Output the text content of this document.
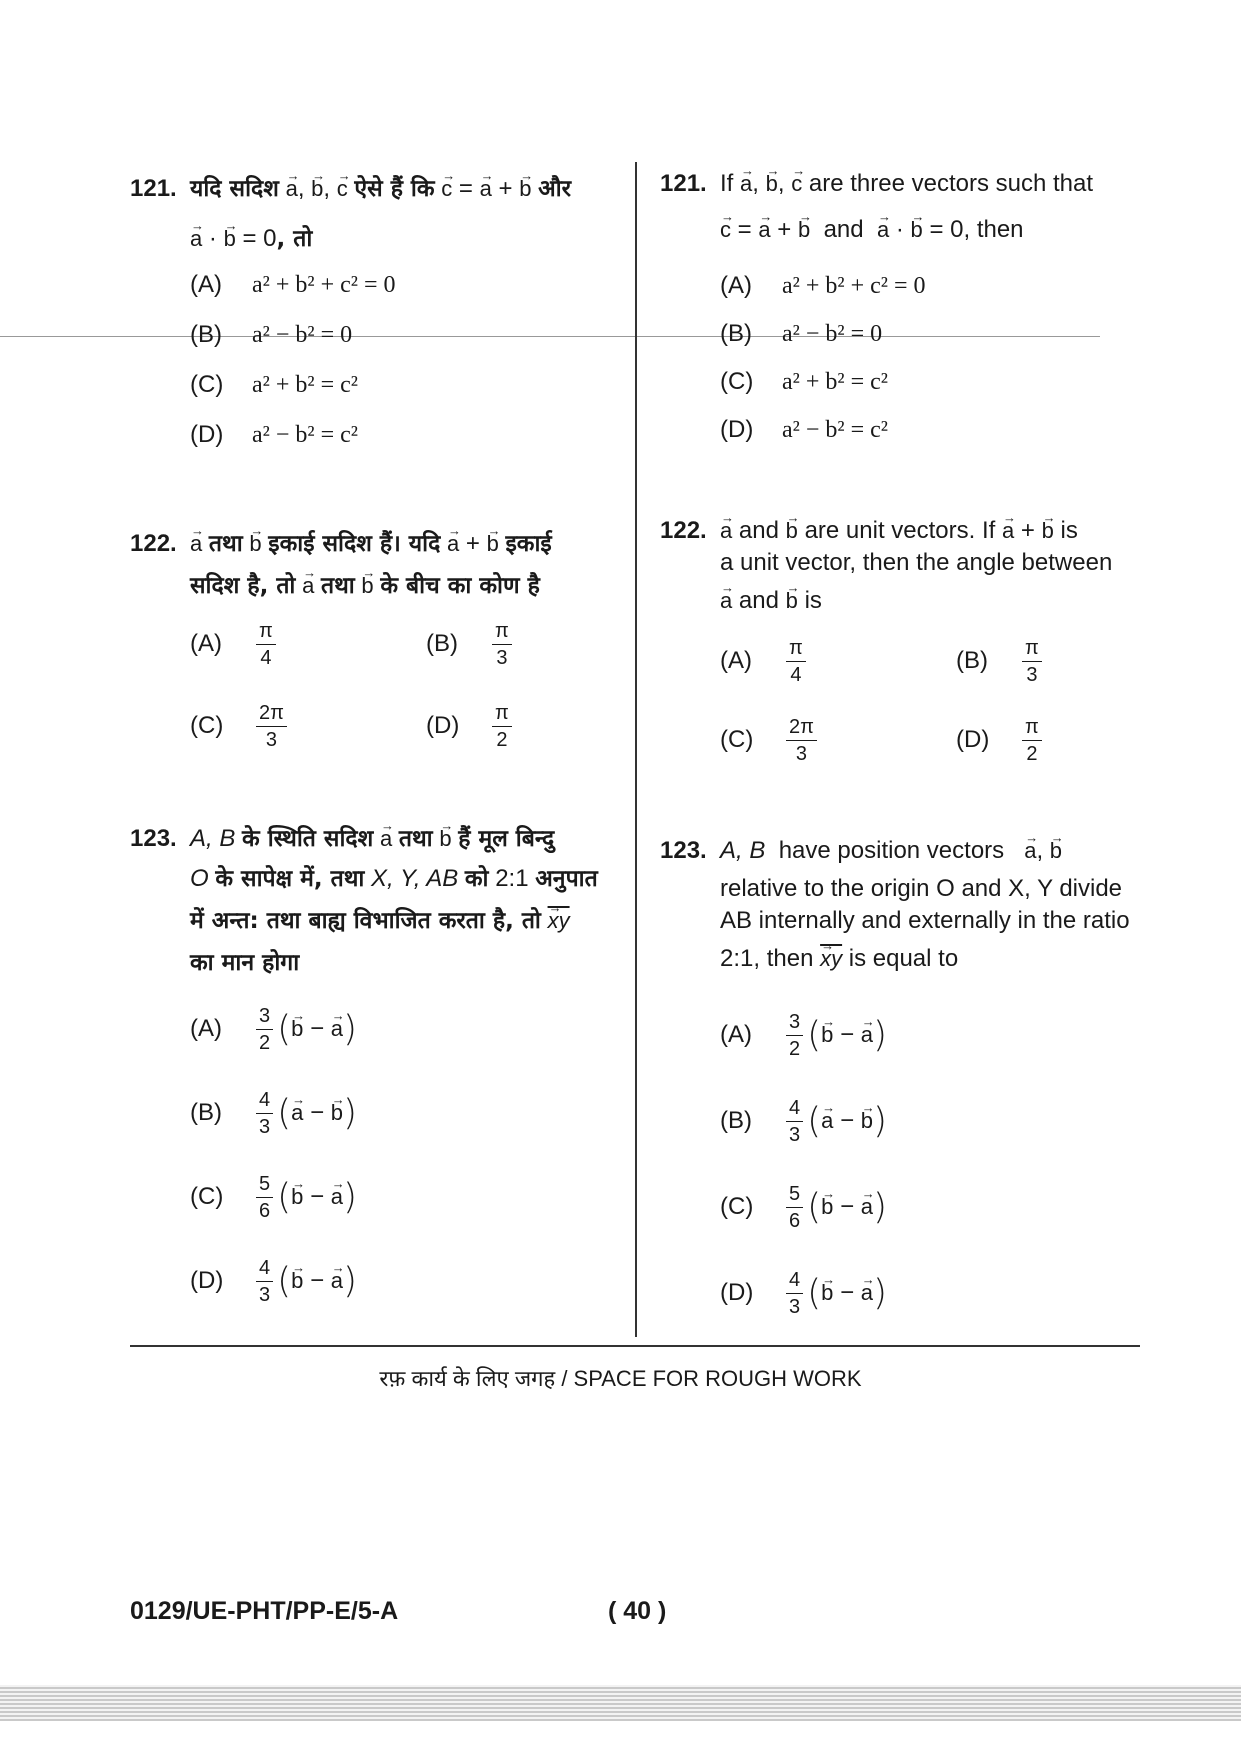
121. यदि सदिश → a, → b, → c ऐसे हैं कि → c = → a + → b और
→ a · → b = 0, तो
(A) a² + b² + c² = 0
(B) a² − b² = 0
(C) a² + b² = c²
(D) a² − b² = c²
122. → a तथा → b इकाई सदिश हैं। यदि → a + → b इकाई
सदिश है, तो → a तथा → b के बीच का कोण है
$(A) \frac{\pi}{4}$	$(B) \frac{\pi}{3}$
$(C) \frac{2\pi}{3}$	$(D) \frac{\pi}{2}$
123. A, B के स्थिति सदिश → a तथा → b हैं मूल बिन्दु
O के सापेक्ष में, तथा X, Y, AB को 2:1 अनुपात
में अन्त: तथा बाह्य विभाजित करता है, तो → $\overline{xy}$
का मान होगा
$(A) \frac{3}{2}$ (→ b − → a)
$(B) \frac{4}{3}$ (→ a − → b)
$(C) \frac{5}{6}$ (→ b − → a)
$(D) \frac{4}{3}$ (→ b − → a)
121. If → a, → b, → c are three vectors such that
→ c = → a + → b and → a · → b = 0, then
(A) a² + b² + c² = 0
(B) a² − b² = 0
(C) a² + b² = c²
(D) a² − b² = c²
122. → a and → b are unit vectors. If → a + → b is
a unit vector, then the angle between
→ a and → b is
$(A) \frac{\pi}{4}$	$(B) \frac{\pi}{3}$
$(C) \frac{2\pi}{3}$	$(D) \frac{\pi}{2}$
123. A, B have position vectors → a, → b
relative to the origin O and X, Y divide
AB internally and externally in the ratio
2:1, then → $\overline{xy}$ is equal to
$(A) \frac{3}{2}$ (→ b − → a)
$(B) \frac{4}{3}$ (→ a − → b)
$(C) \frac{5}{6}$ (→ b − → a)
$(D) \frac{4}{3}$ (→ b − → a)
रफ़ कार्य के लिए जगह / SPACE FOR ROUGH WORK
0129/UE-PHT/PP-E/5-A	( 40 )
